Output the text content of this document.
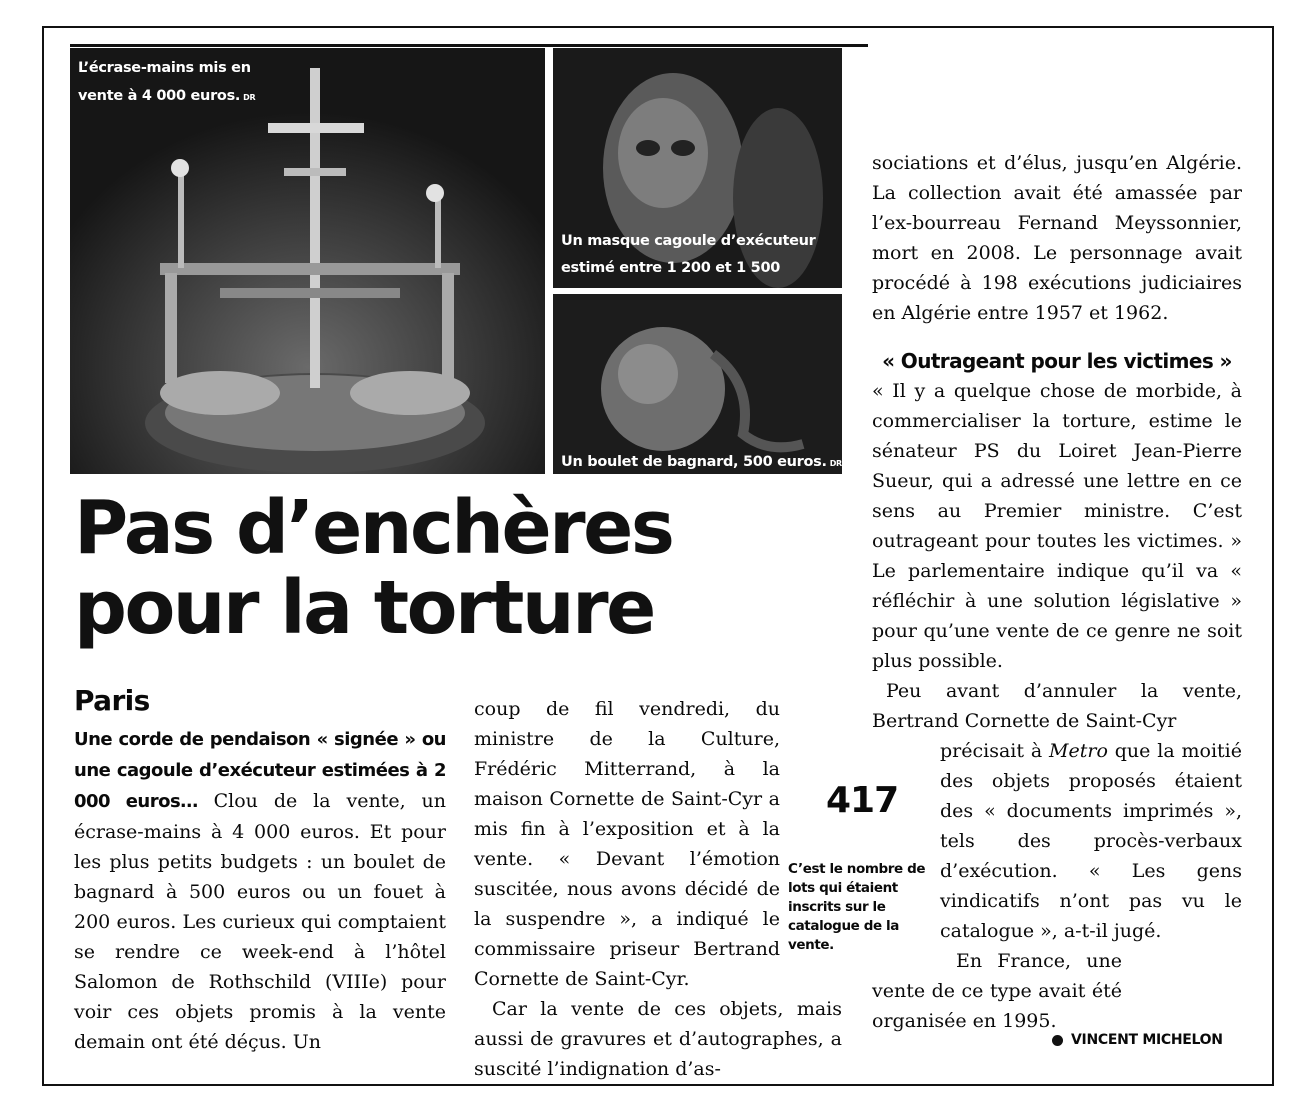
L’écrase-mains mis en
vente à 4 000 euros. DR
Un masque cagoule d’exécuteur
estimé entre 1 200 et 1 500
Un boulet de bagnard, 500 euros. DR
Pas d’enchères
pour la torture
Paris

Une corde de pendaison « signée » ou une cagoule d’exécuteur estimées à 2 000 euros… Clou de la vente, un écrase-mains à 4 000 euros. Et pour les plus petits budgets : un boulet de bagnard à 500 euros ou un fouet à 200 euros. Les curieux qui comptaient se rendre ce week-end à l’hôtel Salomon de Rothschild (VIIIe) pour voir ces objets promis à la vente demain ont été déçus. Un

coup de fil vendredi, du ministre de la Culture, Frédéric Mitterrand, à la maison Cornette de Saint-Cyr a mis fin à l’exposition et à la vente. « Devant l’émotion suscitée, nous avons décidé de la suspendre », a indiqué le commissaire priseur Bertrand Cornette de Saint-Cyr.

Car la vente de ces objets, mais aussi de gravures et d’autographes, a suscité l’indignation d’as-

417
C’est le nombre de lots qui étaient inscrits sur le catalogue de la vente.

sociations et d’élus, jusqu’en Algérie. La collection avait été amassée par l’ex-bourreau Fernand Meyssonnier, mort en 2008. Le personnage avait procédé à 198 exécutions judiciaires en Algérie entre 1957 et 1962.

« Outrageant pour les victimes »

« Il y a quelque chose de morbide, à commercialiser la torture, estime le sénateur PS du Loiret Jean-Pierre Sueur, qui a adressé une lettre en ce sens au Premier ministre. C’est outrageant pour toutes les victimes. » Le parlementaire indique qu’il va « réfléchir à une solution législative » pour qu’une vente de ce genre ne soit plus possible.

Peu avant d’annuler la vente, Bertrand Cornette de Saint-Cyr

précisait à Metro que la moitié des objets proposés étaient des « documents imprimés », tels des procès-verbaux d’exécution. « Les gens vindicatifs n’ont pas vu le catalogue », a-t-il jugé.

En France, une vente de ce type avait été organisée en 1995.

VINCENT MICHELON
